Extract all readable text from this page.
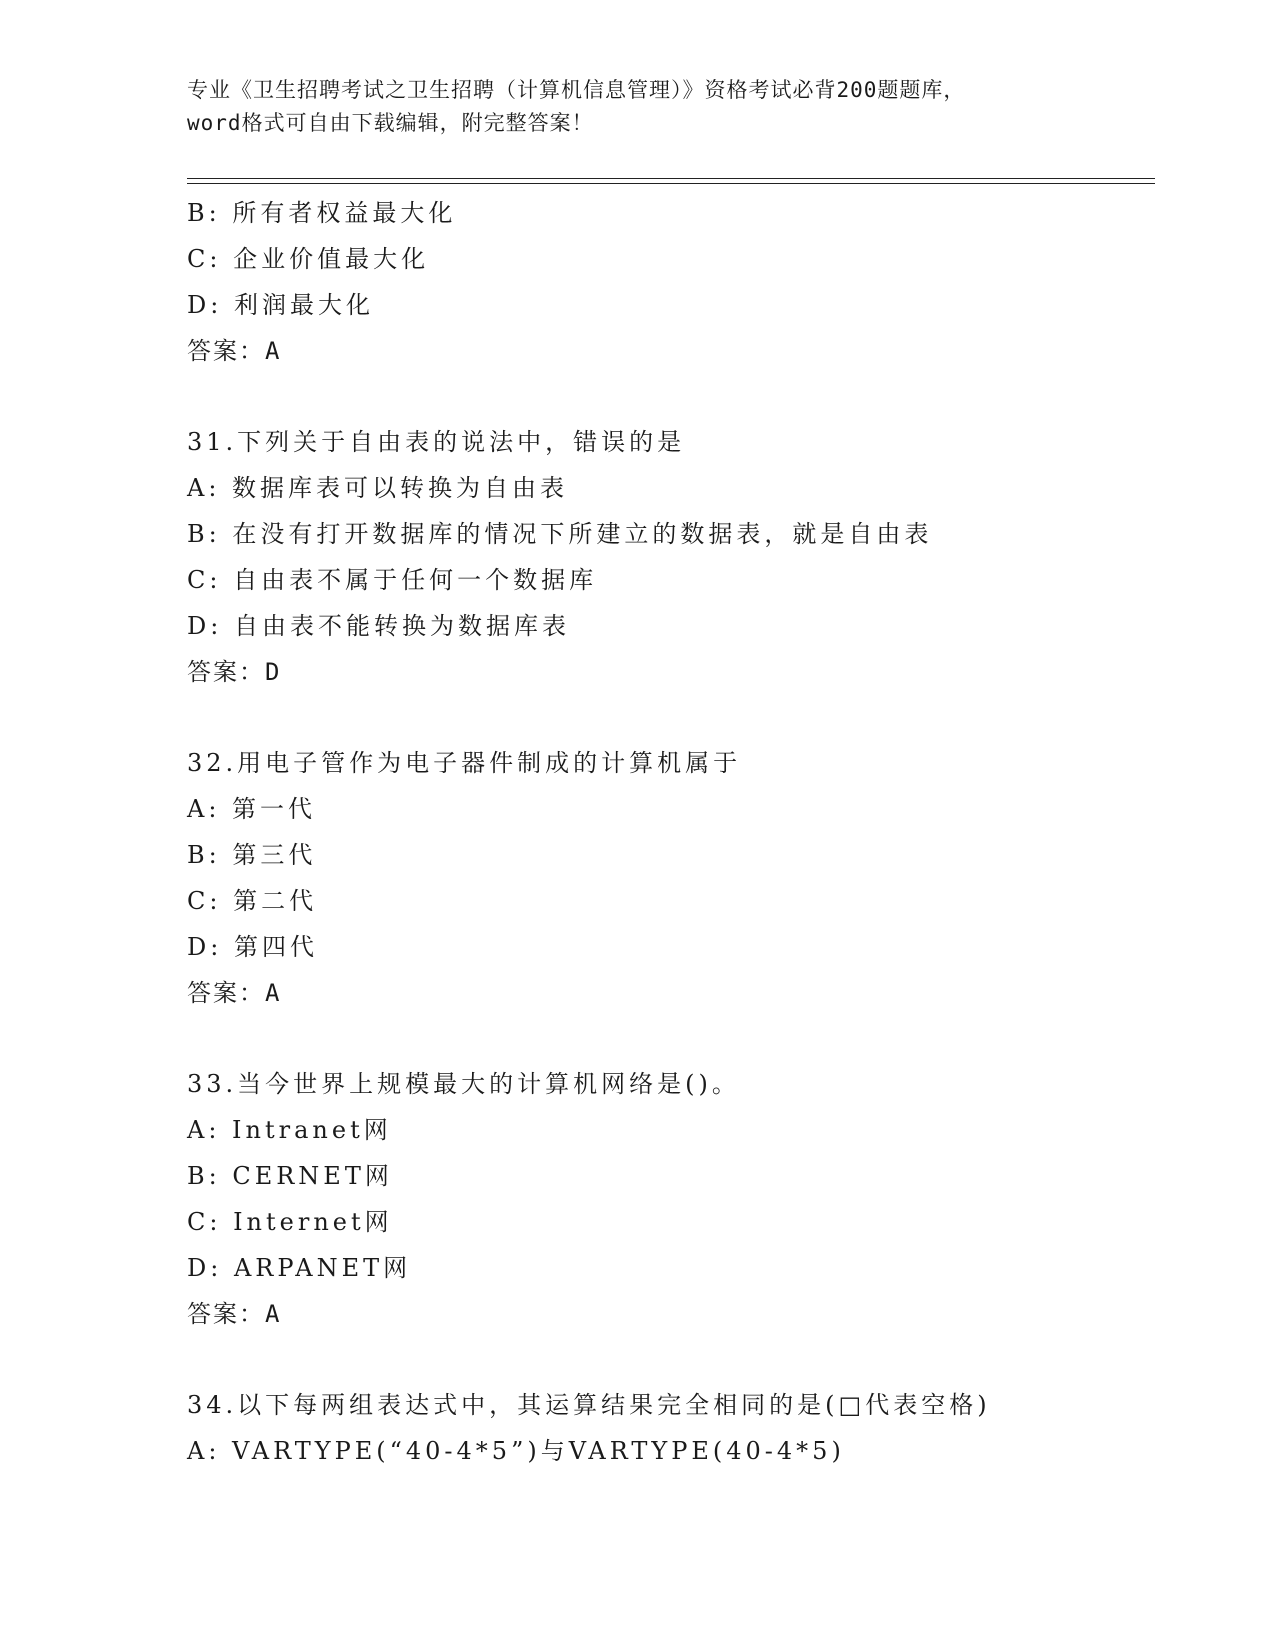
专业《卫生招聘考试之卫生招聘（计算机信息管理）》资格考试必背200题题库，
word格式可自由下载编辑，附完整答案！
B: 所有者权益最大化
C: 企业价值最大化
D: 利润最大化
答案：A
31.下列关于自由表的说法中，错误的是
A: 数据库表可以转换为自由表
B: 在没有打开数据库的情况下所建立的数据表，就是自由表
C: 自由表不属于任何一个数据库
D: 自由表不能转换为数据库表
答案：D
32.用电子管作为电子器件制成的计算机属于
A: 第一代
B: 第三代
C: 第二代
D: 第四代
答案：A
33.当今世界上规模最大的计算机网络是()。
A: Intranet网
B: CERNET网
C: Internet网
D: ARPANET网
答案：A
34.以下每两组表达式中，其运算结果完全相同的是(□代表空格)
A: VARTYPE(“40-4*5”)与VARTYPE(40-4*5)
